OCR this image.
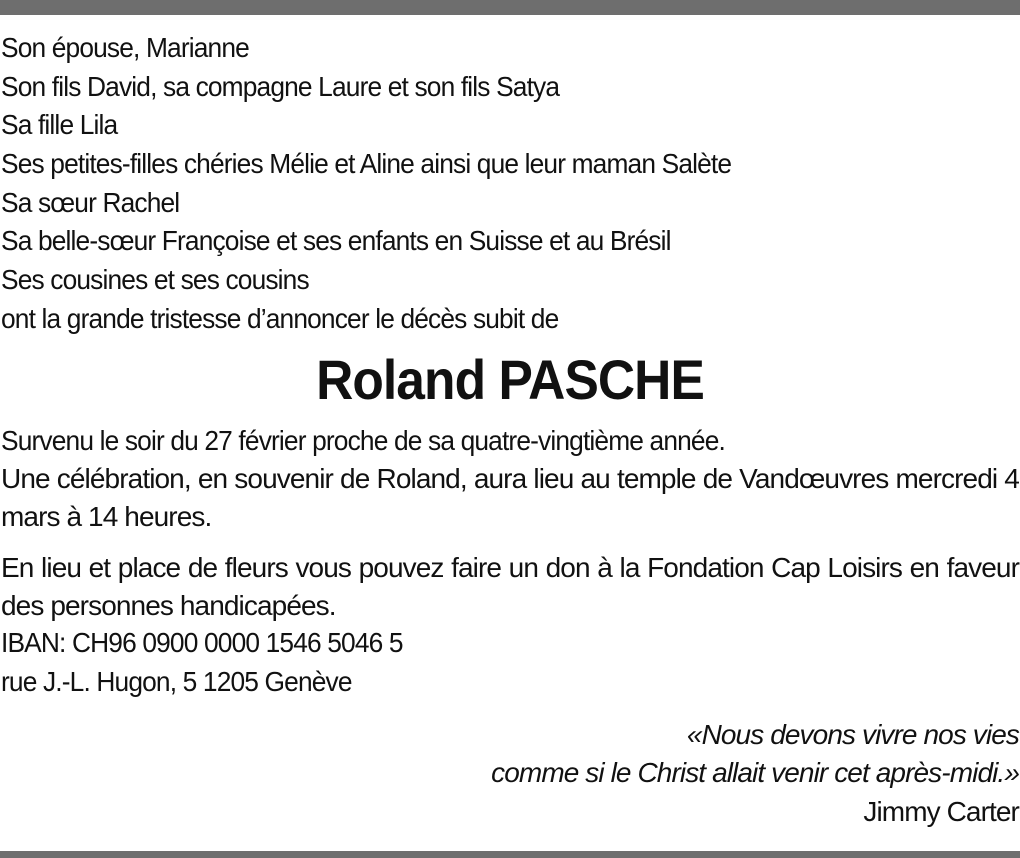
Son épouse, Marianne
Son fils David, sa compagne Laure et son fils Satya
Sa fille Lila
Ses petites-filles chéries Mélie et Aline ainsi que leur maman Salète
Sa sœur Rachel
Sa belle-sœur Françoise et ses enfants en Suisse et au Brésil
Ses cousines et ses cousins
ont la grande tristesse d’annoncer le décès subit de
Roland PASCHE
Survenu le soir du 27 février proche de sa quatre-vingtième année.
Une célébration, en souvenir de Roland, aura lieu au temple de Vandœuvres mercredi 4 mars à 14 heures.
En lieu et place de fleurs vous pouvez faire un don à la Fondation Cap Loisirs en faveur des personnes handicapées.
IBAN: CH96 0900 0000 1546 5046 5
rue J.-L. Hugon, 5 1205 Genève
«Nous devons vivre nos vies
comme si le Christ allait venir cet après-midi.»
Jimmy Carter
